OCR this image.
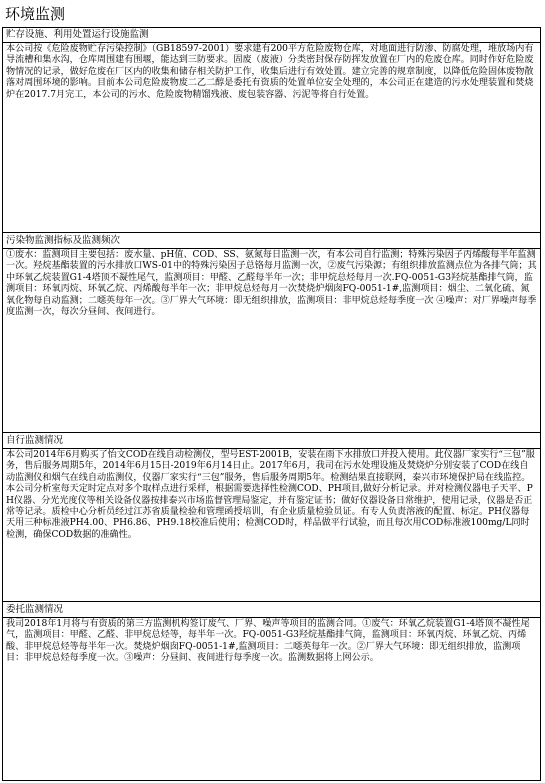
环境监测
贮存设施、利用处置运行设施监测

本公司按《危险废物贮存污染控制》（GB18597-2001）要求建有200平方危险废物仓库，对地面进行防渗、防腐处理，堆放场内有导流槽和集水沟，仓库周围建有围堰，能达到三防要求。固废（废液）分类密封保存防挥发放置在厂内的危废仓库。同时作好危险废物情况的记录，做好危废在厂区内的收集和储存相关防护工作，收集后进行有效处置。建立完善的规章制度，以降低危险固体废物散落对周围环境的影响。目前本公司危险废物废二乙二醇是委托有资质的处置单位安全处理的，本公司正在建造的污水处理装置和焚烧炉在2017.7月完工，本公司的污水、危险废物精馏残液、废包装容器、污泥等将自行处置。

污染物监测指标及监测频次

①废水：监测项目主要包括：废水量、pH值、COD、SS、氨氮每日监测一次，有本公司自行监测；特殊污染因子丙烯酸每半年监测一次。羟烷基酯装置的污水排放口WS-01中的特殊污染因子总铬每月监测一次，②废气污染源；有组织排放监测点位为各排气筒；其中环氧乙烷装置G1-4塔顶不凝性尾气，监测项目：甲醛、乙醛每半年一次；非甲烷总烃每月一次.FQ-0051-G3羟烷基酯排气筒，监测项目：环氧丙烷、环氧乙烷、丙烯酸每半年一次；非甲烷总烃每月一次焚烧炉烟囱FQ-0051-1#,监测项目：烟尘、二氧化硫、氮氧化物每自动监测；二噁英每年一次。③厂界大气环境：即无组织排放，监测项目：非甲烷总烃每季度一次 ④噪声：对厂界噪声每季度监测一次，每次分昼间、夜间进行。

自行监测情况

本公司2014年6月购买了怡文COD在线自动检测仪，型号EST-2001B，安装在雨下水排放口并投入使用。此仪器厂家实行“三包”服务，售后服务周期5年，2014年6月15日-2019年6月14日止。2017年6月，我司在污水处理设施及焚烧炉分别安装了COD在线自动监测仪和烟气在线自动监测仪，仪器厂家实行“三包”服务，售后服务周期5年。检测结果直接联网，泰兴市环境保护局在线监控。

本公司分析室每天定时定点对多个取样点进行采样，根据需要选择性检测COD、PH项目,做好分析记录。并对检测仪器电子天平、PH仪器、分光光度仪等相关设备仪器按排泰兴市场监督管理局鉴定，并有鉴定证书；做好仪器设备日常维护，使用记录，仪器是否正常等记录。质检中心分析员经过江苏省质量检验和管理函授培训，有企业质量检验员证。有专人负责溶液的配置、标定。PH仪器每天用三种标准液PH4.00、PH6.86、PH9.18校准后使用；检测COD时，样品做平行试验，而且每次用COD标准液100mg/L同时检测，确保COD数据的准确性。

委托监测情况

我司2018年1月将与有资质的第三方监测机构签订废气、厂界、噪声等项目的监测合同。①废气：环氧乙烷装置G1-4塔顶不凝性尾气，监测项目：甲醛、乙醛、非甲烷总烃等，每半年一次。FQ-0051-G3羟烷基酯排气筒，监测项目：环氧丙烷、环氧乙烷、丙烯酸、非甲烷总烃等每半年一次。焚烧炉烟囱FQ-0051-1#,监测项目：二噁英每年一次。②厂界大气环境：即无组织排放，监测项目：非甲烷总烃每季度一次。③噪声：分昼间、夜间进行每季度一次。监测数据将上网公示。
